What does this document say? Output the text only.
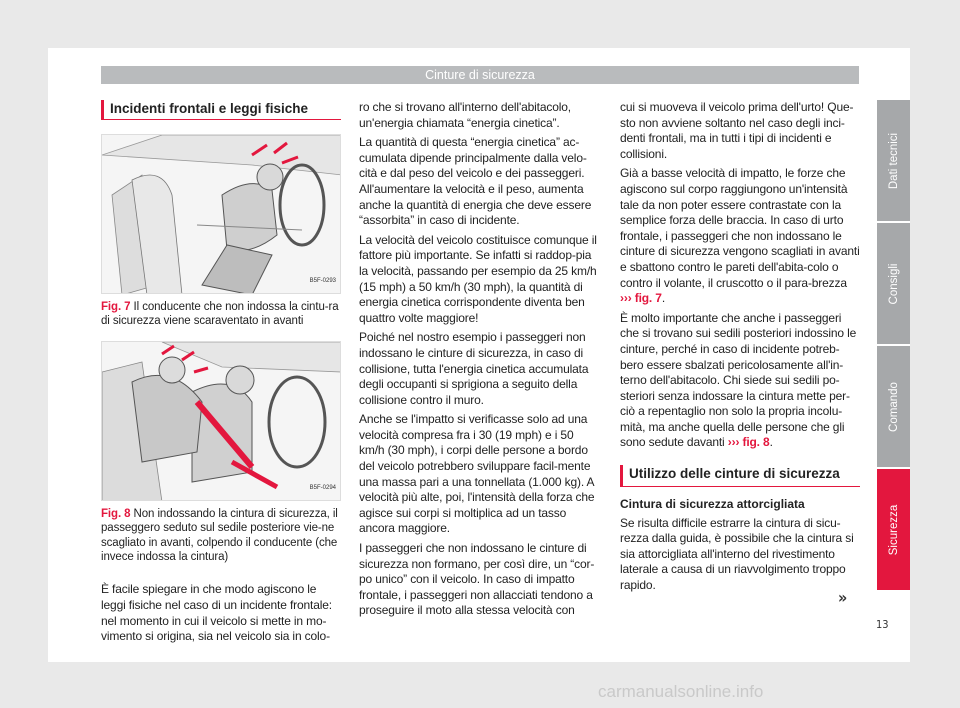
Cinture di sicurezza
Incidenti frontali e leggi fisiche
B5F-0293
Fig. 7 Il conducente che non indossa la cintu-ra di sicurezza viene scaraventato in avanti
B5F-0294
Fig. 8 Non indossando la cintura di sicurezza, il passeggero seduto sul sedile posteriore vie-ne scagliato in avanti, colpendo il conducente (che invece indossa la cintura)

È facile spiegare in che modo agiscono le leggi fisiche nel caso di un incidente frontale: nel momento in cui il veicolo si mette in mo-vimento si origina, sia nel veicolo sia in colo-

ro che si trovano all'interno dell'abitacolo, un'energia chiamata “energia cinetica”.

La quantità di questa “energia cinetica” ac-cumulata dipende principalmente dalla velo-cità e dal peso del veicolo e dei passeggeri. All'aumentare la velocità e il peso, aumenta anche la quantità di energia che deve essere “assorbita” in caso di incidente.

La velocità del veicolo costituisce comunque il fattore più importante. Se infatti si raddop-pia la velocità, passando per esempio da 25 km/h (15 mph) a 50 km/h (30 mph), la quantità di energia cinetica corrispondente diventa ben quattro volte maggiore!

Poiché nel nostro esempio i passeggeri non indossano le cinture di sicurezza, in caso di collisione, tutta l'energia cinetica accumulata degli occupanti si sprigiona a seguito della collisione contro il muro.

Anche se l'impatto si verificasse solo ad una velocità compresa fra i 30 (19 mph) e i 50 km/h (30 mph), i corpi delle persone a bordo del veicolo potrebbero sviluppare facil-mente una massa pari a una tonnellata (1.000 kg). A velocità più alte, poi, l'intensità della forza che agisce sui corpi si moltiplica ad un tasso ancora maggiore.

I passeggeri che non indossano le cinture di sicurezza non formano, per così dire, un “cor-po unico” con il veicolo. In caso di impatto frontale, i passeggeri non allacciati tendono a proseguire il moto alla stessa velocità con

cui si muoveva il veicolo prima dell'urto! Que-sto non avviene soltanto nel caso degli inci-denti frontali, ma in tutti i tipi di incidenti e collisioni.

Già a basse velocità di impatto, le forze che agiscono sul corpo raggiungono un'intensità tale da non poter essere contrastate con la semplice forza delle braccia. In caso di urto frontale, i passeggeri che non indossano le cinture di sicurezza vengono scagliati in avanti e sbattono contro le pareti dell'abita-colo o contro il volante, il cruscotto o il para-brezza ››› fig. 7.

È molto importante che anche i passeggeri che si trovano sui sedili posteriori indossino le cinture, perché in caso di incidente potreb-bero essere sbalzati pericolosamente all'in-terno dell'abitacolo. Chi siede sui sedili po-steriori senza indossare la cintura mette per-ciò a repentaglio non solo la propria incolu-mità, ma anche quella delle persone che gli sono sedute davanti ››› fig. 8.

Utilizzo delle cinture di sicurezza
Cintura di sicurezza attorcigliata

Se risulta difficile estrarre la cintura di sicu-rezza dalla guida, è possibile che la cintura si sia attorcigliata all'interno del rivestimento laterale a causa di un riavvolgimento troppo rapido.

»
Dati tecnici
Consigli
Comando
Sicurezza
13
carmanualsonline.info
